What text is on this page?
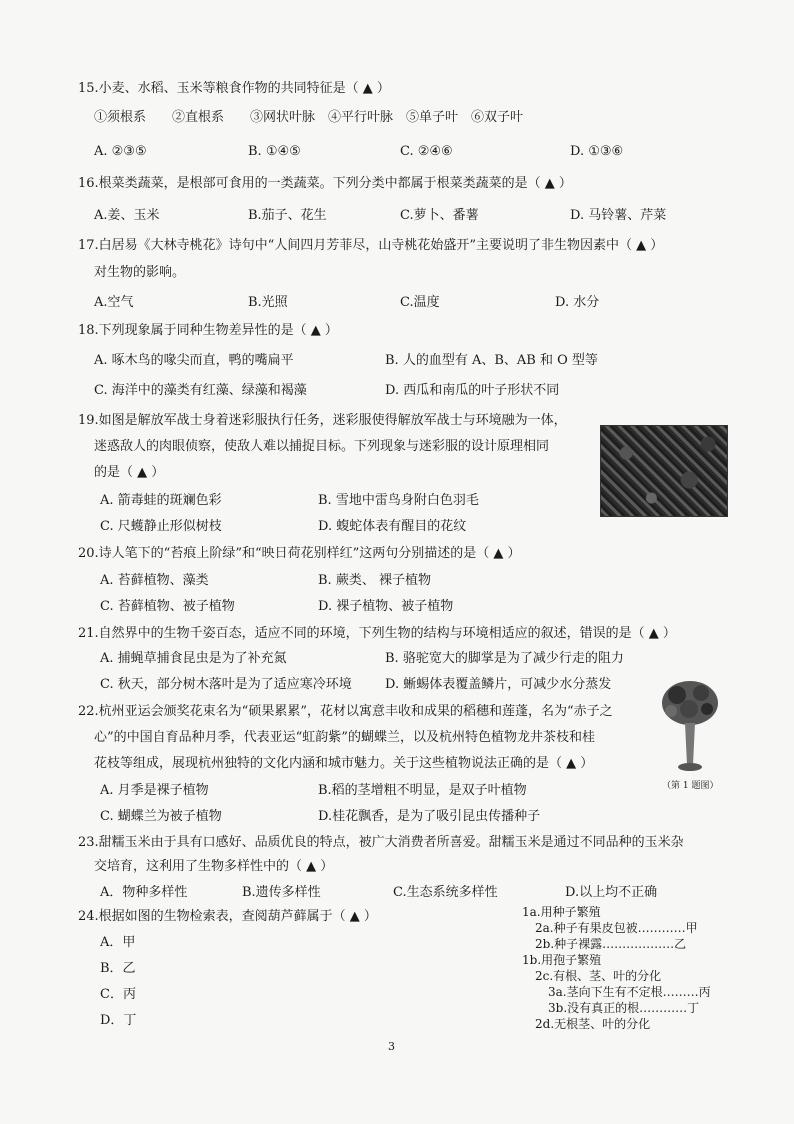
15.小麦、水稻、玉米等粮食作物的共同特征是（ ▲ ）
①须根系　　②直根系　　③网状叶脉　④平行叶脉　⑤单子叶　⑥双子叶
A. ②③⑤	B. ①④⑤	C. ②④⑥	D. ①③⑥
16.根菜类蔬菜，是根部可食用的一类蔬菜。下列分类中都属于根菜类蔬菜的是（ ▲ ）
A.姜、玉米	B.茄子、花生	C.萝卜、番薯	D. 马铃薯、芹菜
17.白居易《大林寺桃花》诗句中“人间四月芳菲尽，山寺桃花始盛开”主要说明了非生物因素中（ ▲ ）
对生物的影响。
A.空气	B.光照	C.温度	D. 水分
18.下列现象属于同种生物差异性的是（ ▲ ）
A. 啄木鸟的喙尖而直，鸭的嘴扁平	B. 人的血型有 A、B、AB 和 O 型等
C. 海洋中的藻类有红藻、绿藻和褐藻	D. 西瓜和南瓜的叶子形状不同
19.如图是解放军战士身着迷彩服执行任务，迷彩服使得解放军战士与环境融为一体，
迷惑敌人的肉眼侦察，使敌人难以捕捉目标。下列现象与迷彩服的设计原理相同
的是（ ▲ ）
A. 箭毒蛙的斑斓色彩	B. 雪地中雷鸟身附白色羽毛
C. 尺蠖静止形似树枝	D. 蝮蛇体表有醒目的花纹
20.诗人笔下的“苔痕上阶绿”和“映日荷花别样红”这两句分别描述的是（ ▲ ）
A. 苔藓植物、藻类	B. 蕨类、 裸子植物
C. 苔藓植物、被子植物	D. 裸子植物、被子植物
21.自然界中的生物千姿百态，适应不同的环境，下列生物的结构与环境相适应的叙述，错误的是（ ▲ ）
A. 捕蝇草捕食昆虫是为了补充氮	B. 骆驼宽大的脚掌是为了减少行走的阻力
C. 秋天，部分树木落叶是为了适应寒冷环境	D. 蜥蜴体表覆盖鳞片，可减少水分蒸发
22.杭州亚运会颁奖花束名为“硕果累累”，花材以寓意丰收和成果的稻穗和莲蓬，名为“赤子之
心”的中国自育品种月季，代表亚运“虹韵紫”的蝴蝶兰，以及杭州特色植物龙井茶枝和桂
花枝等组成，展现杭州独特的文化内涵和城市魅力。关于这些植物说法正确的是（ ▲ ）
A. 月季是裸子植物	B.稻的茎增粗不明显，是双子叶植物
C. 蝴蝶兰为被子植物	D.桂花飘香，是为了吸引昆虫传播种子
（第 1 题图）
23.甜糯玉米由于具有口感好、品质优良的特点，被广大消费者所喜爱。甜糯玉米是通过不同品种的玉米杂
交培育，这利用了生物多样性中的（ ▲ ）
A．物种多样性	B.遗传多样性	C.生态系统多样性	D.以上均不正确
24.根据如图的生物检索表，查阅葫芦藓属于（ ▲ ）
A．甲
B．乙
C．丙
D．丁
1a.用种子繁殖
2a.种子有果皮包被…………甲
2b.种子裸露………………乙
1b.用孢子繁殖
2c.有根、茎、叶的分化
3a.茎向下生有不定根………丙
3b.没有真正的根…………丁
2d.无根茎、叶的分化
3
